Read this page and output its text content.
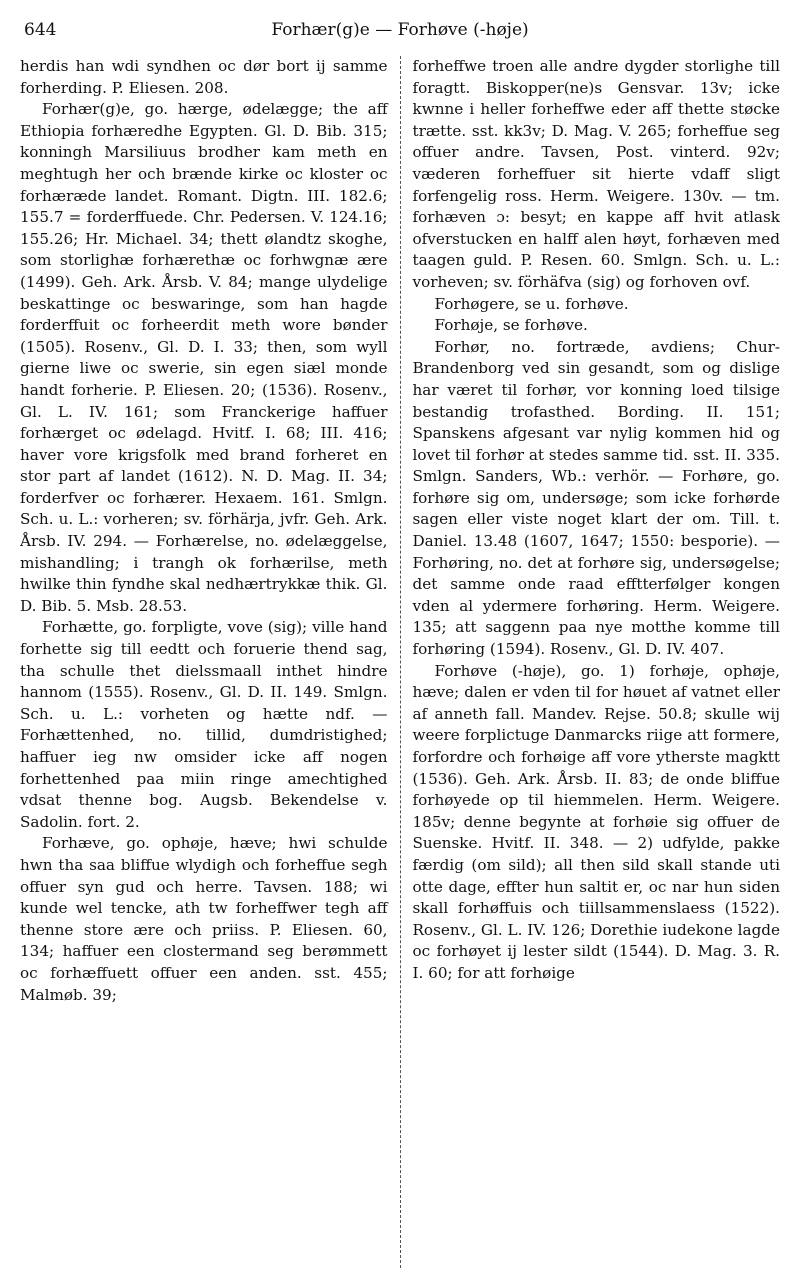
644	Forhær(g)e — Forhøve (-høje)

herdis han wdi syndhen oc dør bort ij samme forherding. P. Eliesen. 208.

Forhær(g)e, go. hærge, ødelægge; the aff Ethiopia forhæredhe Egypten. Gl. D. Bib. 315; konningh Marsiliuus brodher kam meth en meghtugh her och brænde kirke oc kloster oc forhæræde landet. Romant. Digtn. III. 182.6; 155.7 = forderffuede. Chr. Pedersen. V. 124.16; 155.26; Hr. Michael. 34; thett ølandtz skoghe, som storlighæ forhærethæ oc forhwgnæ ære (1499). Geh. Ark. Årsb. V. 84; mange ulydelige beskattinge oc beswaringe, som han hagde forderffuit oc forheerdit meth wore bønder (1505). Rosenv., Gl. D. I. 33; then, som wyll gierne liwe oc swerie, sin egen siæl monde handt forherie. P. Eliesen. 20; (1536). Rosenv., Gl. L. IV. 161; som Franckerige haffuer forhærget oc ødelagd. Hvitf. I. 68; III. 416; haver vore krigsfolk med brand forheret en stor part af landet (1612). N. D. Mag. II. 34; forderfver oc forhærer. Hexaem. 161. Smlgn. Sch. u. L.: vorheren; sv. förhärja, jvfr. Geh. Ark. Årsb. IV. 294. — Forhærelse, no. ødelæggelse, mishandling; i trangh ok forhærilse, meth hwilke thin fyndhe skal nedhærtrykkæ thik. Gl. D. Bib. 5. Msb. 28.53.

Forhætte, go. forpligte, vove (sig); ville hand forhette sig till eedtt och foruerie thend sag, tha schulle thet dielssmaall inthet hindre hannom (1555). Rosenv., Gl. D. II. 149. Smlgn. Sch. u. L.: vorheten og hætte ndf. — Forhættenhed, no. tillid, dumdristighed; haffuer ieg nw omsider icke aff nogen forhettenhed paa miin ringe amechtighed vdsat thenne bog. Augsb. Bekendelse v. Sadolin. fort. 2.

Forhæve, go. ophøje, hæve; hwi schulde hwn tha saa bliffue wlydigh och forheffue segh offuer syn gud och herre. Tavsen. 188; wi kunde wel tencke, ath tw forheffwer tegh aff thenne store ære och priiss. P. Eliesen. 60, 134; haffuer een clostermand seg berømmett oc forhæffuett offuer een anden. sst. 455; Malmøb. 39;

forheffwe troen alle andre dygder storlighe till foragtt. Biskopper(ne)s Gensvar. 13v; icke kwnne i heller forheffwe eder aff thette støcke trætte. sst. kk3v; D. Mag. V. 265; forheffue seg offuer andre. Tavsen, Post. vinterd. 92v; væderen forheffuer sit hierte vdaff sligt forfengelig ross. Herm. Weigere. 130v. — tm. forhæven ɔ: besyt; en kappe aff hvit atlask ofverstucken en halff alen høyt, forhæven med taagen guld. P. Resen. 60. Smlgn. Sch. u. L.: vorheven; sv. förhäfva (sig) og forhoven ovf.

Forhøgere, se u. forhøve.

Forhøje, se forhøve.

Forhør, no. fortræde, avdiens; Chur-Brandenborg ved sin gesandt, som og dislige har været til forhør, vor konning loed tilsige bestandig trofasthed. Bording. II. 151; Spanskens afgesant var nylig kommen hid og lovet til forhør at stedes samme tid. sst. II. 335. Smlgn. Sanders, Wb.: verhör. — Forhøre, go. forhøre sig om, undersøge; som icke forhørde sagen eller viste noget klart der om. Till. t. Daniel. 13.48 (1607, 1647; 1550: besporie). — Forhøring, no. det at forhøre sig, undersøgelse; det samme onde raad efftterfølger kongen vden al ydermere forhøring. Herm. Weigere. 135; att saggenn paa nye motthe komme till forhøring (1594). Rosenv., Gl. D. IV. 407.

Forhøve (-høje), go. 1) forhøje, ophøje, hæve; dalen er vden til for høuet af vatnet eller af anneth fall. Mandev. Rejse. 50.8; skulle wij weere forplictuge Danmarcks riige att formere, forfordre och forhøige aff vore ytherste magktt (1536). Geh. Ark. Årsb. II. 83; de onde bliffue forhøyede op til hiemmelen. Herm. Weigere. 185v; denne begynte at forhøie sig offuer de Suenske. Hvitf. II. 348. — 2) udfylde, pakke færdig (om sild); all then sild skall stande uti otte dage, effter hun saltit er, oc nar hun siden skall forhøffuis och tiillsammenslaess (1522). Rosenv., Gl. L. IV. 126; Dorethie iudekone lagde oc forhøyet ij lester sildt (1544). D. Mag. 3. R. I. 60; for att forhøige
